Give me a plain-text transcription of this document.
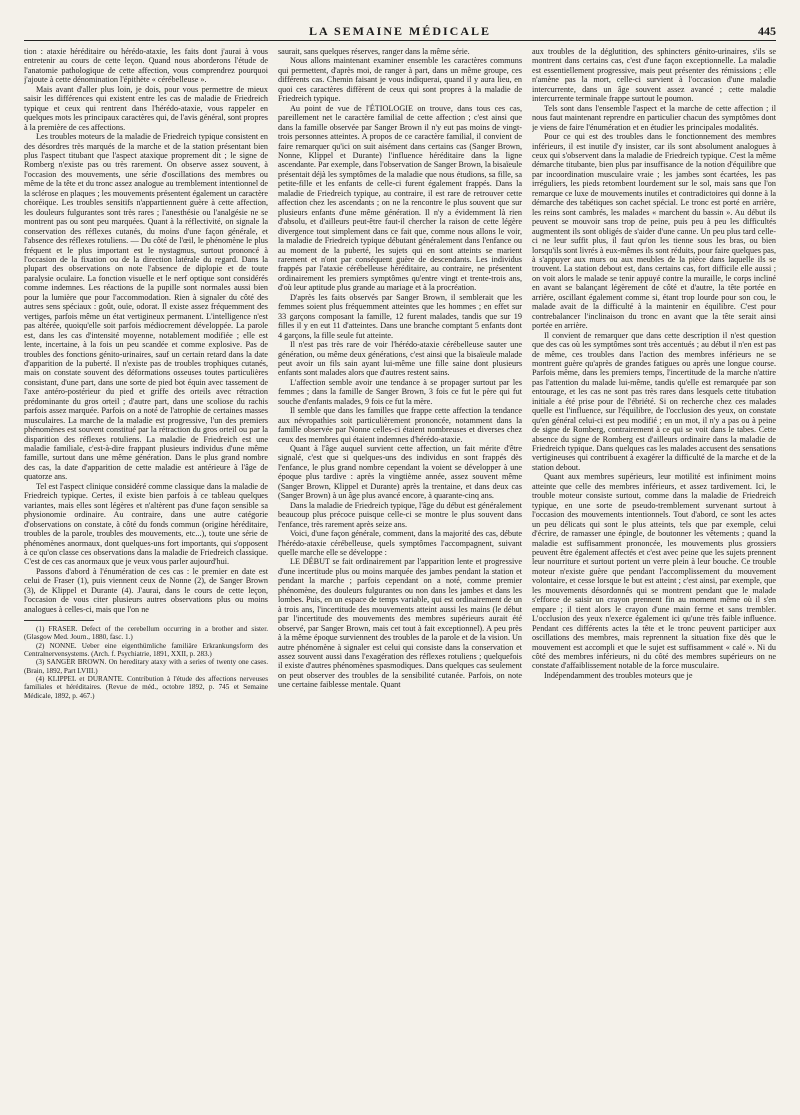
LA SEMAINE MÉDICALE	445

tion : ataxie héréditaire ou hérédo-ataxie, les faits dont j'aurai à vous entretenir au cours de cette leçon. Quand nous aborderons l'étude de l'anatomie pathologique de cette affection, vous comprendrez pourquoi j'ajoute à cette dénomination l'épithète « cérébelleuse ».

Mais avant d'aller plus loin, je dois, pour vous permettre de mieux saisir les différences qui existent entre les cas de maladie de Friedreich typique et ceux qui rentrent dans l'hérédo-ataxie, vous rappeler en quelques mots les principaux caractères qui, de l'avis général, sont propres à la première de ces affections.

Les troubles moteurs de la maladie de Friedreich typique consistent en des désordres très marqués de la marche et de la station présentant bien plus l'aspect titubant que l'aspect ataxique proprement dit ; le signe de Romberg n'existe pas ou très rarement. On observe assez souvent, à l'occasion des mouvements, une série d'oscillations des membres ou même de la tête et du tronc assez analogue au tremblement intentionnel de la sclérose en plaques ; les mouvements présentent également un caractère choréique. Les troubles sensitifs n'appartiennent guère à cette affection, les douleurs fulgurantes sont très rares ; l'anesthésie ou l'analgésie ne se montrent pas ou sont peu marquées. Quant à la réflectivité, on signale la conservation des réflexes cutanés, du moins d'une façon générale, et l'absence des réflexes rotuliens. — Du côté de l'œil, le phénomène le plus fréquent et le plus important est le nystagmus, surtout prononcé à l'occasion de la fixation ou de la direction latérale du regard. Dans la plupart des observations on note l'absence de diplopie et de toute paralysie oculaire. La fonction visuelle et le nerf optique sont considérés comme indemnes. Les réactions de la pupille sont normales aussi bien pour la lumière que pour l'accommodation. Rien à signaler du côté des autres sens spéciaux : goût, ouïe, odorat. Il existe assez fréquemment des vertiges, parfois même un état vertigineux permanent. L'intelligence n'est pas altérée, quoiqu'elle soit parfois médiocrement développée. La parole est, dans les cas d'intensité moyenne, notablement modifiée ; elle est lente, incertaine, à la fois un peu scandée et comme explosive. Pas de troubles des fonctions génito-urinaires, sauf un certain retard dans la date d'apparition de la puberté. Il n'existe pas de troubles trophiques cutanés, mais on constate souvent des déformations osseuses toutes particulières consistant, d'une part, dans une sorte de pied bot équin avec tassement de l'axe antéro-postérieur du pied et griffe des orteils avec rétraction prédominante du gros orteil ; d'autre part, dans une scoliose du rachis parfois assez marquée. Parfois on a noté de l'atrophie de certaines masses musculaires. La marche de la maladie est progressive, l'un des premiers phénomènes est souvent constitué par la rétraction du gros orteil ou par la disparition des réflexes rotuliens. La maladie de Friedreich est une maladie familiale, c'est-à-dire frappant plusieurs individus d'une même famille, surtout dans une même génération. Dans le plus grand nombre des cas, la date d'apparition de cette maladie est antérieure à l'âge de quatorze ans.

Tel est l'aspect clinique considéré comme classique dans la maladie de Friedreich typique. Certes, il existe bien parfois à ce tableau quelques variantes, mais elles sont légères et n'altèrent pas d'une façon sensible sa physionomie ordinaire. Au contraire, dans une autre catégorie d'observations on constate, à côté du fonds commun (origine héréditaire, troubles de la parole, troubles des mouvements, etc...), toute une série de phénomènes anormaux, dont quelques-uns fort importants, qui s'opposent à ce qu'on classe ces observations dans la maladie de Friedreich classique. C'est de ces cas anormaux que je veux vous parler aujourd'hui.

Passons d'abord à l'énumération de ces cas : le premier en date est celui de Fraser (1), puis viennent ceux de Nonne (2), de Sanger Brown (3), de Klippel et Durante (4). J'aurai, dans le cours de cette leçon, l'occasion de vous citer plusieurs autres observations plus ou moins analogues à celles-ci, mais que l'on ne

(1) FRASER. Defect of the cerebellum occurring in a brother and sister. (Glasgow Med. Journ., 1880, fasc. 1.)

(2) NONNE. Ueber eine eigenthümliche familiäre Erkrankungsform des Centralnervensystems. (Arch. f. Psychiatrie, 1891, XXII, p. 283.)

(3) SANGER BROWN. On hereditary ataxy with a series of twenty one cases. (Brain, 1892, Part LVIII.)

(4) KLIPPEL et DURANTE. Contribution à l'étude des affections nerveuses familiales et héréditaires. (Revue de méd., octobre 1892, p. 745 et Semaine Médicale, 1892, p. 467.)

saurait, sans quelques réserves, ranger dans la même série.

Nous allons maintenant examiner ensemble les caractères communs qui permettent, d'après moi, de ranger à part, dans un même groupe, ces différents cas. Chemin faisant je vous indiquerai, quand il y aura lieu, en quoi ces caractères diffèrent de ceux qui sont propres à la maladie de Friedreich typique.

Au point de vue de l'ÉTIOLOGIE on trouve, dans tous ces cas, pareillement net le caractère familial de cette affection ; c'est ainsi que dans la famille observée par Sanger Brown il n'y eut pas moins de vingt-trois personnes atteintes. A propos de ce caractère familial, il convient de faire remarquer qu'ici on suit aisément dans certains cas (Sanger Brown, Nonne, Klippel et Durante) l'influence héréditaire dans la ligne ascendante. Par exemple, dans l'observation de Sanger Brown, la bisaïeule présentait déjà les symptômes de la maladie que nous étudions, sa fille, sa petite-fille et les enfants de celle-ci furent également frappés. Dans la maladie de Friedreich typique, au contraire, il est rare de retrouver cette affection chez les ascendants ; on ne la rencontre le plus souvent que sur plusieurs enfants d'une même génération. Il n'y a évidemment là rien d'absolu, et d'ailleurs peut-être faut-il chercher la raison de cette légère divergence tout simplement dans ce fait que, comme nous allons le voir, la maladie de Friedreich typique débutant généralement dans l'enfance ou au moment de la puberté, les sujets qui en sont atteints se marient rarement et n'ont par conséquent guère de descendants. Les individus frappés par l'ataxie cérébelleuse héréditaire, au contraire, ne présentent ordinairement les premiers symptômes qu'entre vingt et trente-trois ans, d'où leur aptitude plus grande au mariage et à la procréation.

D'après les faits observés par Sanger Brown, il semblerait que les femmes soient plus fréquemment atteintes que les hommes ; en effet sur 33 garçons composant la famille, 12 furent malades, tandis que sur 19 filles il y en eut 11 d'atteintes. Dans une branche comptant 5 enfants dont 4 garçons, la fille seule fut atteinte.

Il n'est pas très rare de voir l'hérédo-ataxie cérébelleuse sauter une génération, ou même deux générations, c'est ainsi que la bisaïeule malade peut avoir un fils sain ayant lui-même une fille saine dont plusieurs enfants sont malades alors que d'autres restent sains.

L'affection semble avoir une tendance à se propager surtout par les femmes ; dans la famille de Sanger Brown, 3 fois ce fut le père qui fut souche d'enfants malades, 9 fois ce fut la mère.

Il semble que dans les familles que frappe cette affection la tendance aux névropathies soit particulièrement prononcée, notamment dans la famille observée par Nonne celles-ci étaient nombreuses et diverses chez ceux des membres qui étaient indemnes d'hérédo-ataxie.

Quant à l'âge auquel survient cette affection, un fait mérite d'être signalé, c'est que si quelques-uns des individus en sont frappés dès l'enfance, le plus grand nombre cependant la voient se développer à une époque plus tardive : après la vingtième année, assez souvent même (Sanger Brown, Klippel et Durante) après la trentaine, et dans deux cas (Sanger Brown) à un âge plus avancé encore, à quarante-cinq ans.

Dans la maladie de Friedreich typique, l'âge du début est généralement beaucoup plus précoce puisque celle-ci se montre le plus souvent dans l'enfance, très rarement après seize ans.

Voici, d'une façon générale, comment, dans la majorité des cas, débute l'hérédo-ataxie cérébelleuse, quels symptômes l'accompagnent, suivant quelle marche elle se développe :

LE DÉBUT se fait ordinairement par l'apparition lente et progressive d'une incertitude plus ou moins marquée des jambes pendant la station et pendant la marche ; parfois cependant on a noté, comme premier phénomène, des douleurs fulgurantes ou non dans les jambes et dans les lombes. Puis, en un espace de temps variable, qui est ordinairement de un à trois ans, l'incertitude des mouvements atteint aussi les mains (le début par l'incertitude des mouvements des membres supérieurs aurait été observé, par Sanger Brown, mais cet tout à fait exceptionnel). A peu près à la même époque surviennent des troubles de la parole et de la vision. Un autre phénomène à signaler est celui qui consiste dans la conservation et assez souvent aussi dans l'exagération des réflexes rotuliens ; quelquefois il existe d'autres phénomènes spasmodiques. Dans quelques cas seulement on peut observer des troubles de la sensibilité cutanée. Parfois, on note une certaine faiblesse mentale. Quant

aux troubles de la déglutition, des sphincters génito-urinaires, s'ils se montrent dans certains cas, c'est d'une façon exceptionnelle. La maladie est essentiellement progressive, mais peut présenter des rémissions ; elle n'amène pas la mort, celle-ci survient à l'occasion d'une maladie intercurrente, dans un âge souvent assez avancé ; cette maladie intercurrente terminale frappe surtout le poumon.

Tels sont dans l'ensemble l'aspect et la marche de cette affection ; il nous faut maintenant reprendre en particulier chacun des symptômes dont je viens de faire l'énumération et en étudier les principales modalités.

Pour ce qui est des troubles dans le fonctionnement des membres inférieurs, il est inutile d'y insister, car ils sont absolument analogues à ceux qui s'observent dans la maladie de Friedreich typique. C'est la même démarche titubante, bien plus par insuffisance de la notion d'équilibre que par incoordination musculaire vraie ; les jambes sont écartées, les pas irréguliers, les pieds retombent lourdement sur le sol, mais sans que l'on remarque ce luxe de mouvements inutiles et contradictoires qui donne à la démarche des tabétiques son cachet spécial. Le tronc est porté en arrière, les reins sont cambrés, les malades « marchent du bassin ». Au début ils peuvent se mouvoir sans trop de peine, puis peu à peu les difficultés augmentent ils sont obligés de s'aider d'une canne. Un peu plus tard celle-ci ne leur suffit plus, il faut qu'on les tienne sous les bras, ou bien lorsqu'ils sont livrés à eux-mêmes ils sont réduits, pour faire quelques pas, à s'appuyer aux murs ou aux meubles de la pièce dans laquelle ils se trouvent. La station debout est, dans certains cas, fort difficile elle aussi ; on voit alors le malade se tenir appuyé contre la muraille, le corps incliné en avant se balançant légèrement de côté et d'autre, la tête portée en arrière, oscillant également comme si, étant trop lourde pour son cou, le malade avait de la difficulté à la maintenir en équilibre. C'est pour contrebalancer l'inclinaison du tronc en avant que la tête serait ainsi portée en arrière.

Il convient de remarquer que dans cette description il n'est question que des cas où les symptômes sont très accentués ; au début il n'en est pas de même, ces troubles dans l'action des membres inférieurs ne se montrent guère qu'après de grandes fatigues ou après une longue course. Parfois même, dans les premiers temps, l'incertitude de la marche n'attire pas l'attention du malade lui-même, tandis qu'elle est remarquée par son entourage, et les cas ne sont pas très rares dans lesquels cette titubation initiale a été prise pour de l'ébriété. Si on recherche chez ces malades quelle est l'influence, sur l'équilibre, de l'occlusion des yeux, on constate qu'en général celui-ci est peu modifié ; en un mot, il n'y a pas ou à peine de signe de Romberg, contrairement à ce qui se voit dans le tabes. Cette absence du signe de Romberg est d'ailleurs ordinaire dans la maladie de Friedreich typique. Dans quelques cas les malades accusent des sensations vertigineuses qui contribuent à exagérer la difficulté de la marche et de la station debout.

Quant aux membres supérieurs, leur motilité est infiniment moins atteinte que celle des membres inférieurs, et assez tardivement. Ici, le trouble moteur consiste surtout, comme dans la maladie de Friedreich typique, en une sorte de pseudo-tremblement survenant surtout à l'occasion des mouvements intentionnels. Tout d'abord, ce sont les actes un peu délicats qui sont le plus atteints, tels que par exemple, celui d'écrire, de ramasser une épingle, de boutonner les vêtements ; quand la maladie est suffisamment prononcée, les mouvements plus grossiers peuvent être également affectés et c'est avec peine que les sujets prennent leur nourriture et surtout portent un verre plein à leur bouche. Ce trouble moteur n'existe guère que pendant l'accomplissement du mouvement volontaire, et cesse lorsque le but est atteint ; c'est ainsi, par exemple, que les mouvements désordonnés qui se montrent pendant que le malade s'efforce de saisir un crayon prennent fin au moment même où il s'en empare ; il tient alors le crayon d'une main ferme et sans trembler. L'occlusion des yeux n'exerce également ici qu'une très faible influence. Pendant ces différents actes la tête et le tronc peuvent participer aux oscillations des membres, mais reprennent la situation fixe dès que le mouvement est accompli et que le sujet est suffisamment « calé ». Ni du côté des membres inférieurs, ni du côté des membres supérieurs on ne constate d'affaiblissement notable de la force musculaire.

Indépendamment des troubles moteurs que je
